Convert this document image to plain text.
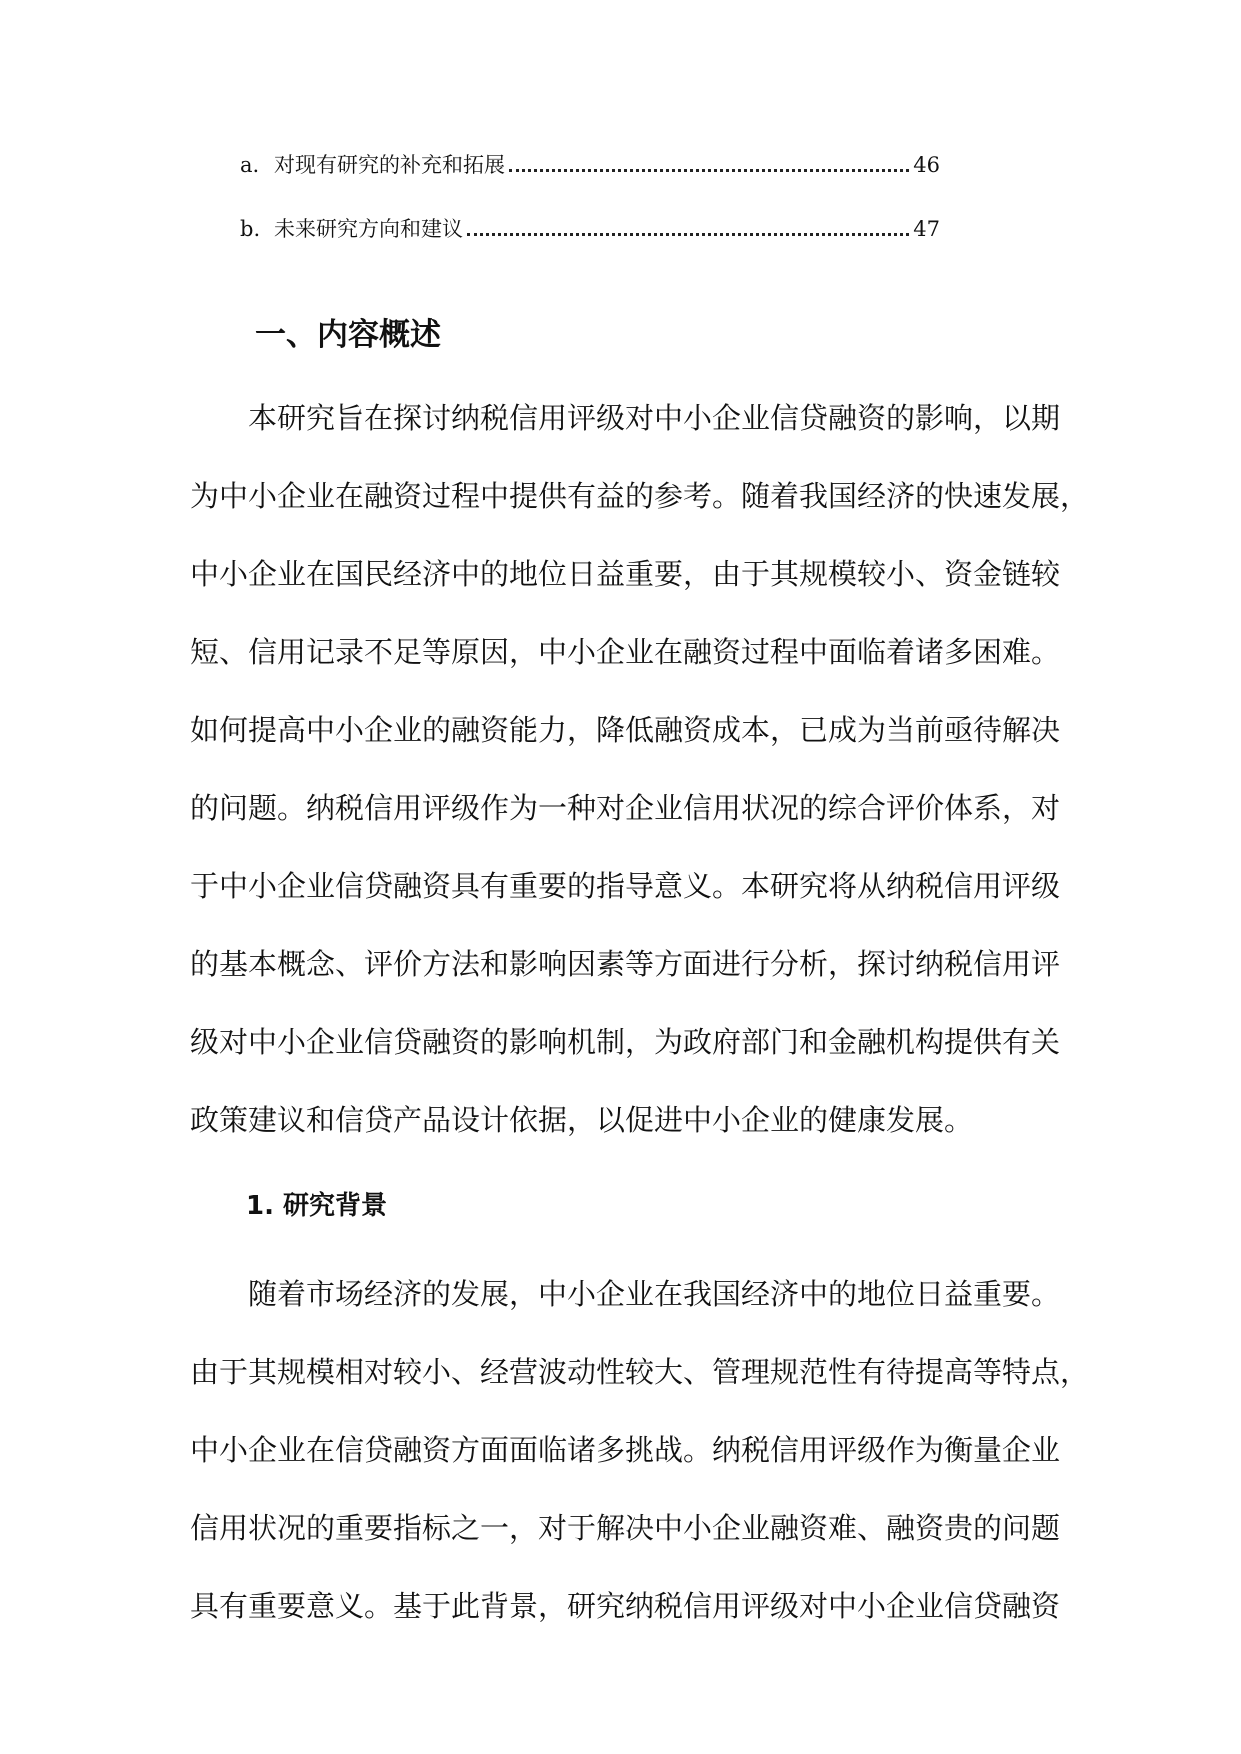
a. 对现有研究的补充和拓展	46
b. 未来研究方向和建议	47
一、内容概述
本研究旨在探讨纳税信用评级对中小企业信贷融资的影响，以期
为中小企业在融资过程中提供有益的参考。随着我国经济的快速发展，
中小企业在国民经济中的地位日益重要，由于其规模较小、资金链较
短、信用记录不足等原因，中小企业在融资过程中面临着诸多困难。
如何提高中小企业的融资能力，降低融资成本，已成为当前亟待解决
的问题。纳税信用评级作为一种对企业信用状况的综合评价体系，对
于中小企业信贷融资具有重要的指导意义。本研究将从纳税信用评级
的基本概念、评价方法和影响因素等方面进行分析，探讨纳税信用评
级对中小企业信贷融资的影响机制，为政府部门和金融机构提供有关
政策建议和信贷产品设计依据，以促进中小企业的健康发展。
1. 研究背景
随着市场经济的发展，中小企业在我国经济中的地位日益重要。
由于其规模相对较小、经营波动性较大、管理规范性有待提高等特点，
中小企业在信贷融资方面面临诸多挑战。纳税信用评级作为衡量企业
信用状况的重要指标之一，对于解决中小企业融资难、融资贵的问题
具有重要意义。基于此背景，研究纳税信用评级对中小企业信贷融资
